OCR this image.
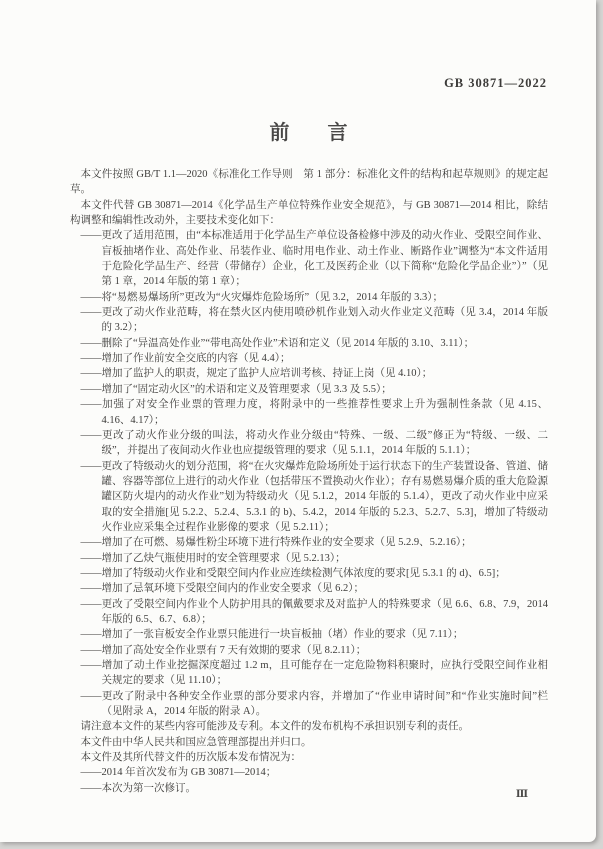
GB 30871—2022
前　言
本文件按照 GB/T 1.1—2020《标准化工作导则　第 1 部分：标准化文件的结构和起草规则》的规定起草。
本文件代替 GB 30871—2014《化学品生产单位特殊作业安全规范》，与 GB 30871—2014 相比，除结构调整和编辑性改动外，主要技术变化如下：
——更改了适用范围，由“本标准适用于化学品生产单位设备检修中涉及的动火作业、受限空间作业、盲板抽堵作业、高处作业、吊装作业、临时用电作业、动土作业、断路作业”调整为“本文件适用于危险化学品生产、经营（带储存）企业，化工及医药企业（以下简称“危险化学品企业”）”（见第 1 章，2014 年版的第 1 章）；
——将“易燃易爆场所”更改为“火灾爆炸危险场所”（见 3.2，2014 年版的 3.3）；
——更改了动火作业范畴，将在禁火区内使用喷砂机作业划入动火作业定义范畴（见 3.4，2014 年版的 3.2）；
——删除了“异温高处作业”“带电高处作业”术语和定义（见 2014 年版的 3.10、3.11）；
——增加了作业前安全交底的内容（见 4.4）；
——增加了监护人的职责，规定了监护人应培训考核、持证上岗（见 4.10）；
——增加了“固定动火区”的术语和定义及管理要求（见 3.3 及 5.5）；
——加强了对安全作业票的管理力度，将附录中的一些推荐性要求上升为强制性条款（见 4.15、4.16、4.17）；
——更改了动火作业分级的叫法，将动火作业分级由“特殊、一级、二级”修正为“特级、一级、二级”，并提出了夜间动火作业也应提级管理的要求（见 5.1.1，2014 年版的 5.1.1）；
——更改了特级动火的划分范围，将“在火灾爆炸危险场所处于运行状态下的生产装置设备、管道、储罐、容器等部位上进行的动火作业（包括带压不置换动火作业）；存有易燃易爆介质的重大危险源罐区防火堤内的动火作业”划为特级动火（见 5.1.2，2014 年版的 5.1.4），更改了动火作业中应采取的安全措施[见 5.2.2、5.2.4、5.3.1 的 b)、5.4.2，2014 年版的 5.2.3、5.2.7、5.3]，增加了特级动火作业应采集全过程作业影像的要求（见 5.2.11）；
——增加了在可燃、易爆性粉尘环境下进行特殊作业的安全要求（见 5.2.9、5.2.16）；
——增加了乙炔气瓶使用时的安全管理要求（见 5.2.13）；
——增加了特级动火作业和受限空间内作业应连续检测气体浓度的要求[见 5.3.1 的 d)、6.5]；
——增加了忌氧环境下受限空间内的作业安全要求（见 6.2）；
——更改了受限空间内作业个人防护用具的佩戴要求及对监护人的特殊要求（见 6.6、6.8、7.9，2014 年版的 6.5、6.7、6.8）；
——增加了一张盲板安全作业票只能进行一块盲板抽（堵）作业的要求（见 7.11）；
——增加了高处安全作业票有 7 天有效期的要求（见 8.2.11）；
——增加了动土作业挖掘深度超过 1.2 m，且可能存在一定危险物料积聚时，应执行受限空间作业相关规定的要求（见 11.10）；
——更改了附录中各种安全作业票的部分要求内容，并增加了“作业申请时间”和“作业实施时间”栏（见附录 A，2014 年版的附录 A）。
请注意本文件的某些内容可能涉及专利。本文件的发布机构不承担识别专利的责任。
本文件由中华人民共和国应急管理部提出并归口。
本文件及其所代替文件的历次版本发布情况为：
——2014 年首次发布为 GB 30871—2014；
——本次为第一次修订。
Ⅲ
